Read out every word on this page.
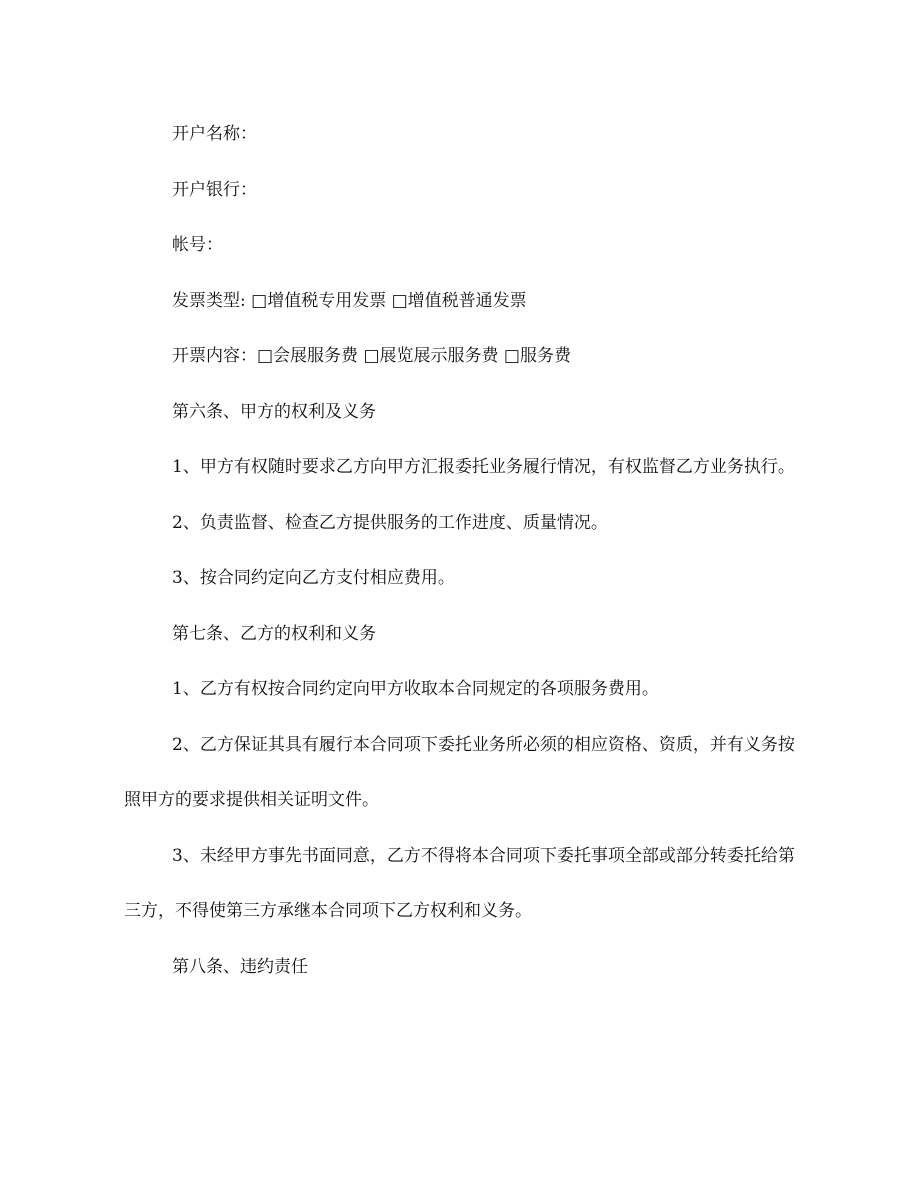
开户名称：

开户银行：

帐号：

发票类型: □增值税专用发票 □增值税普通发票

开票内容：□会展服务费 □展览展示服务费 □服务费

第六条、甲方的权利及义务

1、甲方有权随时要求乙方向甲方汇报委托业务履行情况，有权监督乙方业务执行。

2、负责监督、检查乙方提供服务的工作进度、质量情况。

3、按合同约定向乙方支付相应费用。

第七条、乙方的权利和义务

1、乙方有权按合同约定向甲方收取本合同规定的各项服务费用。

2、乙方保证其具有履行本合同项下委托业务所必须的相应资格、资质，并有义务按照甲方的要求提供相关证明文件。

3、未经甲方事先书面同意，乙方不得将本合同项下委托事项全部或部分转委托给第三方，不得使第三方承继本合同项下乙方权利和义务。

第八条、违约责任
